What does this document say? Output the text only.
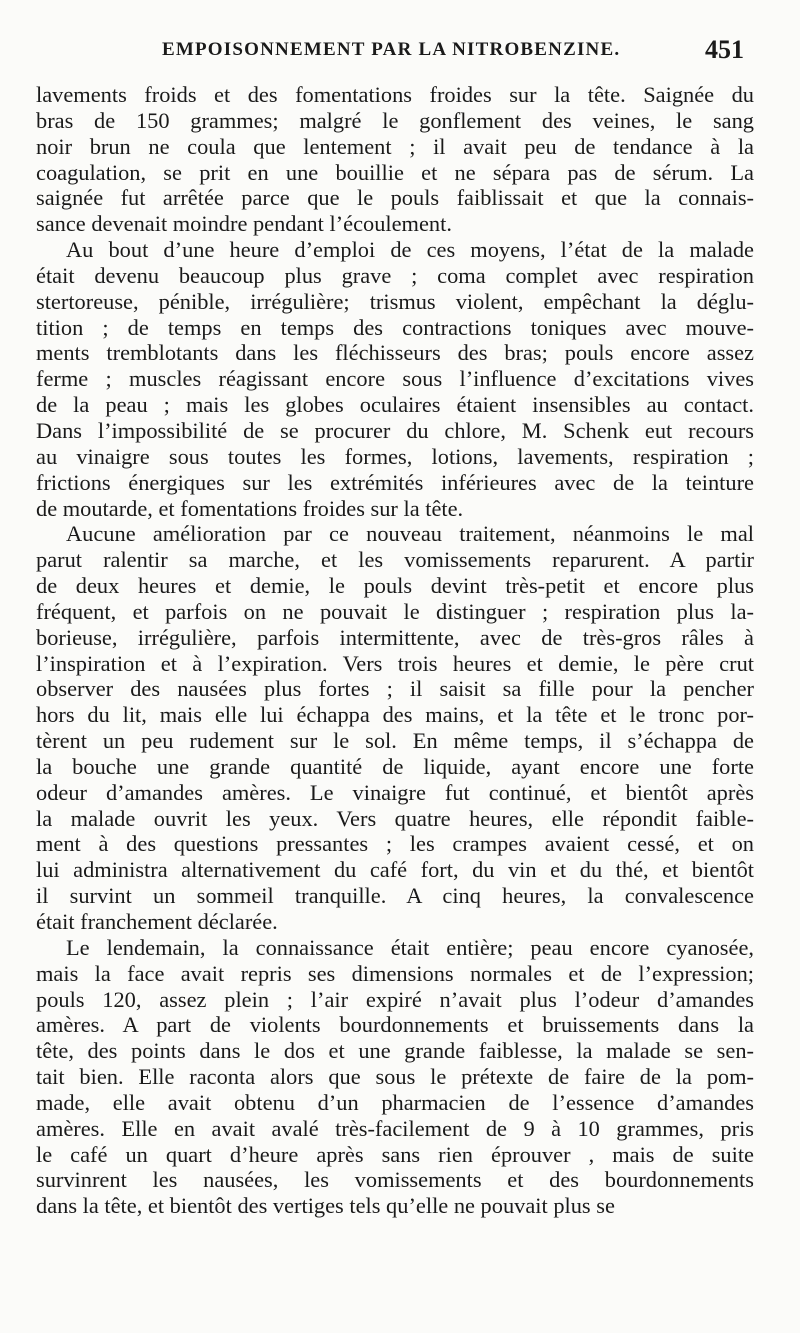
EMPOISONNEMENT PAR LA NITROBENZINE.	451

lavements froids et des fomentations froides sur la tête. Saignée du
bras de 150 grammes; malgré le gonflement des veines, le sang
noir brun ne coula que lentement ; il avait peu de tendance à la
coagulation, se prit en une bouillie et ne sépara pas de sérum. La
saignée fut arrêtée parce que le pouls faiblissait et que la connais-
sance devenait moindre pendant l’écoulement.

Au bout d’une heure d’emploi de ces moyens, l’état de la malade
était devenu beaucoup plus grave ; coma complet avec respiration
stertoreuse, pénible, irrégulière; trismus violent, empêchant la déglu-
tition ; de temps en temps des contractions toniques avec mouve-
ments tremblotants dans les fléchisseurs des bras; pouls encore assez
ferme ; muscles réagissant encore sous l’influence d’excitations vives
de la peau ; mais les globes oculaires étaient insensibles au contact.
Dans l’impossibilité de se procurer du chlore, M. Schenk eut recours
au vinaigre sous toutes les formes, lotions, lavements, respiration ;
frictions énergiques sur les extrémités inférieures avec de la teinture
de moutarde, et fomentations froides sur la tête.

Aucune amélioration par ce nouveau traitement, néanmoins le mal
parut ralentir sa marche, et les vomissements reparurent. A partir
de deux heures et demie, le pouls devint très-petit et encore plus
fréquent, et parfois on ne pouvait le distinguer ; respiration plus la-
borieuse, irrégulière, parfois intermittente, avec de très-gros râles à
l’inspiration et à l’expiration. Vers trois heures et demie, le père crut
observer des nausées plus fortes ; il saisit sa fille pour la pencher
hors du lit, mais elle lui échappa des mains, et la tête et le tronc por-
tèrent un peu rudement sur le sol. En même temps, il s’échappa de
la bouche une grande quantité de liquide, ayant encore une forte
odeur d’amandes amères. Le vinaigre fut continué, et bientôt après
la malade ouvrit les yeux. Vers quatre heures, elle répondit faible-
ment à des questions pressantes ; les crampes avaient cessé, et on
lui administra alternativement du café fort, du vin et du thé, et bientôt
il survint un sommeil tranquille. A cinq heures, la convalescence
était franchement déclarée.

Le lendemain, la connaissance était entière; peau encore cyanosée,
mais la face avait repris ses dimensions normales et de l’expression;
pouls 120, assez plein ; l’air expiré n’avait plus l’odeur d’amandes
amères. A part de violents bourdonnements et bruissements dans la
tête, des points dans le dos et une grande faiblesse, la malade se sen-
tait bien. Elle raconta alors que sous le prétexte de faire de la pom-
made, elle avait obtenu d’un pharmacien de l’essence d’amandes
amères. Elle en avait avalé très-facilement de 9 à 10 grammes, pris
le café un quart d’heure après sans rien éprouver , mais de suite
survinrent les nausées, les vomissements et des bourdonnements
dans la tête, et bientôt des vertiges tels qu’elle ne pouvait plus se
